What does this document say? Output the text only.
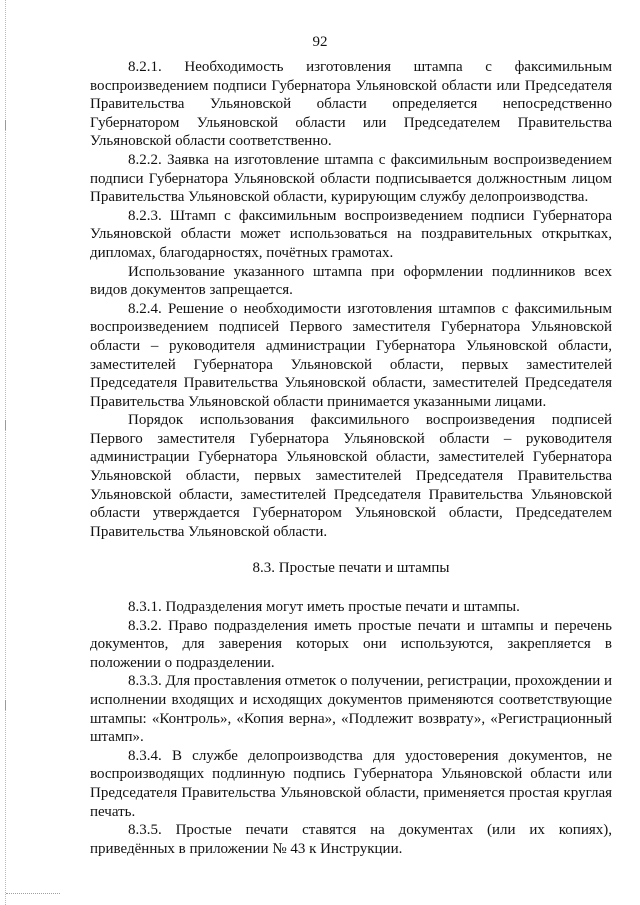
92

8.2.1. Необходимость изготовления штампа с факсимильным воспроизведением подписи Губернатора Ульяновской области или Председателя Правительства Ульяновской области определяется непосредственно Губернатором Ульяновской области или Председателем Правительства Ульяновской области соответственно.

8.2.2. Заявка на изготовление штампа с факсимильным воспроизведением подписи Губернатора Ульяновской области подписывается должностным лицом Правительства Ульяновской области, курирующим службу делопроизводства.

8.2.3. Штамп с факсимильным воспроизведением подписи Губернатора Ульяновской области может использоваться на поздравительных открытках, дипломах, благодарностях, почётных грамотах.

Использование указанного штампа при оформлении подлинников всех видов документов запрещается.

8.2.4. Решение о необходимости изготовления штампов с факсимильным воспроизведением подписей Первого заместителя Губернатора Ульяновской области – руководителя администрации Губернатора Ульяновской области, заместителей Губернатора Ульяновской области, первых заместителей Председателя Правительства Ульяновской области, заместителей Председателя Правительства Ульяновской области принимается указанными лицами.

Порядок использования факсимильного воспроизведения подписей Первого заместителя Губернатора Ульяновской области – руководителя администрации Губернатора Ульяновской области, заместителей Губернатора Ульяновской области, первых заместителей Председателя Правительства Ульяновской области, заместителей Председателя Правительства Ульяновской области утверждается Губернатором Ульяновской области, Председателем Правительства Ульяновской области.

8.3. Простые печати и штампы

8.3.1. Подразделения могут иметь простые печати и штампы.

8.3.2. Право подразделения иметь простые печати и штампы и перечень документов, для заверения которых они используются, закрепляется в положении о подразделении.

8.3.3. Для проставления отметок о получении, регистрации, прохождении и исполнении входящих и исходящих документов применяются соответствующие штампы: «Контроль», «Копия верна», «Подлежит возврату», «Регистрационный штамп».

8.3.4. В службе делопроизводства для удостоверения документов, не воспроизводящих подлинную подпись Губернатора Ульяновской области или Председателя Правительства Ульяновской области, применяется простая круглая печать.

8.3.5. Простые печати ставятся на документах (или их копиях), приведённых в приложении № 43 к Инструкции.
